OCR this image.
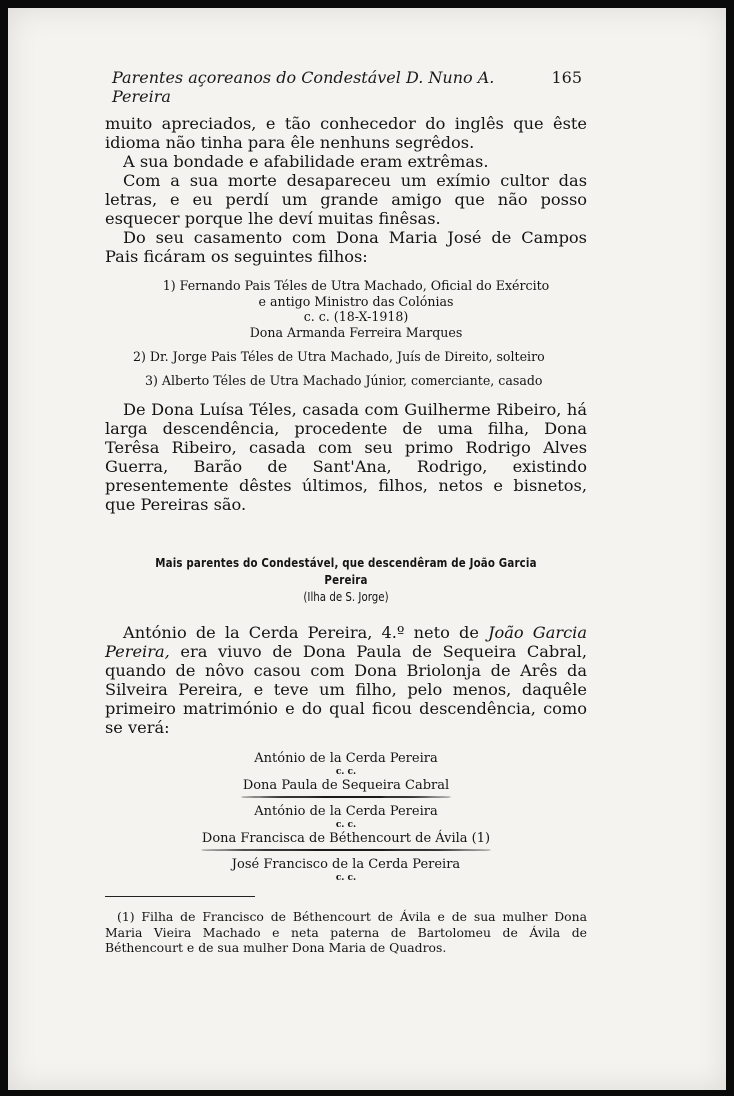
Parentes açoreanos do Condestável D. Nuno A. Pereira
165

muito apreciados, e tão conhecedor do inglês que êste idioma não tinha para êle nenhuns segrêdos.

A sua bondade e afabilidade eram extrêmas.

Com a sua morte desapareceu um exímio cultor das letras, e eu perdí um grande amigo que não posso esquecer porque lhe deví muitas finêsas.

Do seu casamento com Dona Maria José de Campos Pais ficáram os seguintes filhos:

1) Fernando Pais Téles de Utra Machado, Oficial do Exército
e antigo Ministro das Colónias
c. c. (18-X-1918)
Dona Armanda Ferreira Marques
2) Dr. Jorge Pais Téles de Utra Machado, Juís de Direito, solteiro
3) Alberto Téles de Utra Machado Júnior, comerciante, casado

De Dona Luísa Téles, casada com Guilherme Ribeiro, há larga descendência, procedente de uma filha, Dona Terêsa Ribeiro, casada com seu primo Rodrigo Alves Guerra, Barão de Sant'Ana, Rodrigo, existindo presentemente dêstes últimos, filhos, netos e bisnetos, que Pereiras são.

Mais parentes do Condestável, que descendêram de João Garcia Pereira
(Ilha de S. Jorge)

António de la Cerda Pereira, 4.º neto de João Garcia Pereira, era viuvo de Dona Paula de Sequeira Cabral, quando de nôvo casou com Dona Briolonja de Arês da Silveira Pereira, e teve um filho, pelo menos, daquêle primeiro matrimónio e do qual ficou descendência, como se verá:

António de la Cerda Pereira
c. c.
Dona Paula de Sequeira Cabral
António de la Cerda Pereira
c. c.
Dona Francisca de Béthencourt de Ávila (1)
José Francisco de la Cerda Pereira
c. c.

(1) Filha de Francisco de Béthencourt de Ávila e de sua mulher Dona Maria Vieira Machado e neta paterna de Bartolomeu de Ávila de Béthencourt e de sua mulher Dona Maria de Quadros.
